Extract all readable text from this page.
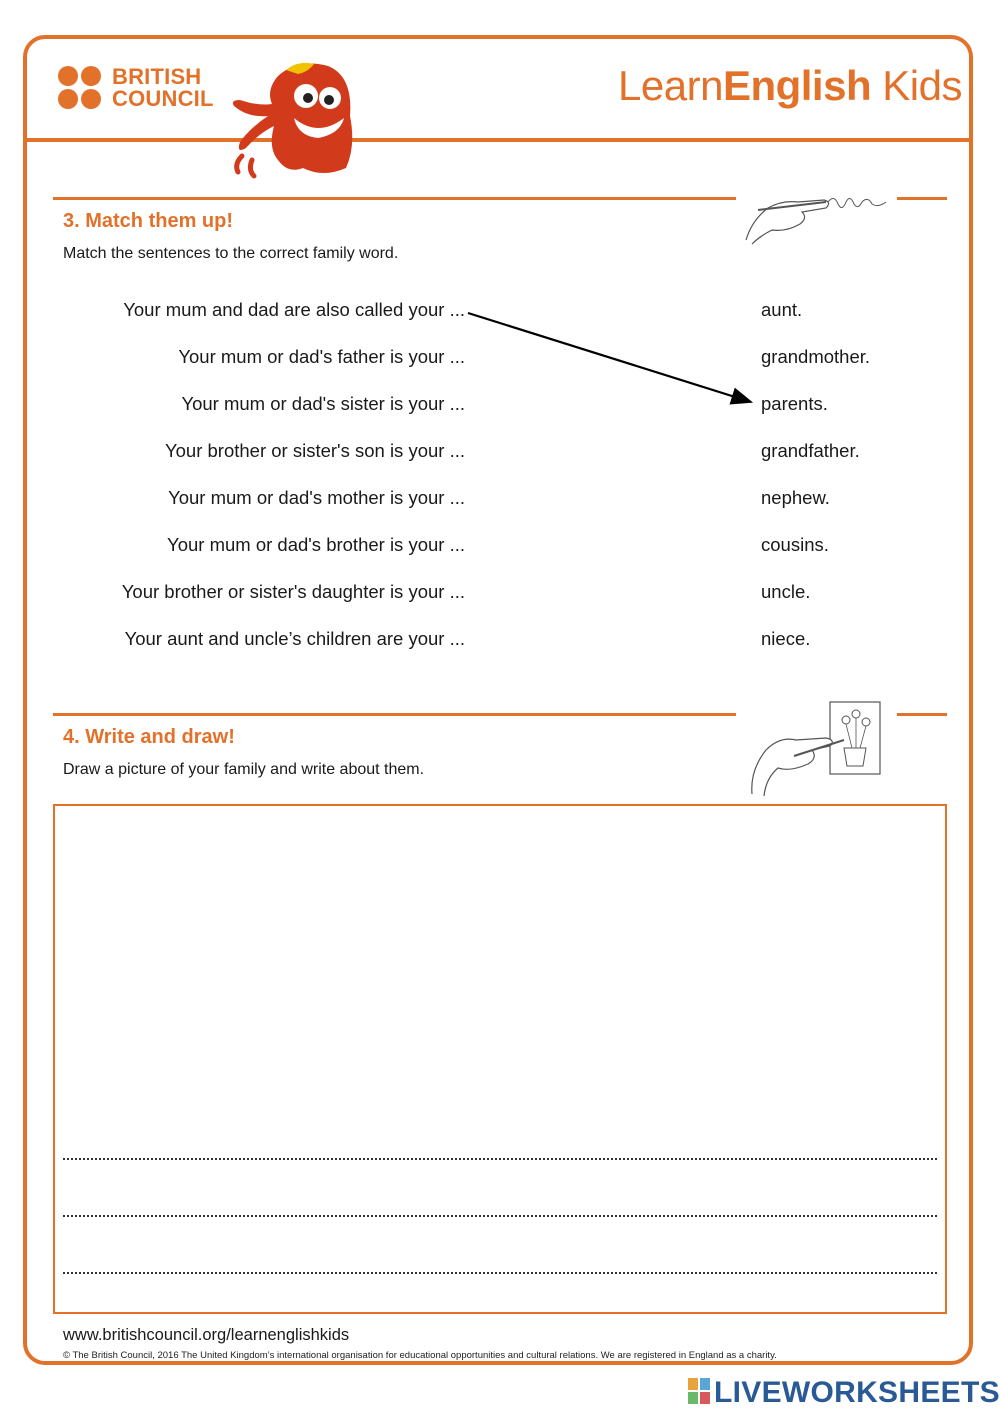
BRITISH
COUNCIL	LearnEnglish Kids
3. Match them up!
Match the sentences to the correct family word.
Your mum and dad are also called your ...
Your mum or dad's father is your ...
Your mum or dad's sister is your ...
Your brother or sister's son is your ...
Your mum or dad's mother is your ...
Your mum or dad's brother is your ...
Your brother or sister's daughter is your ...
Your aunt and uncle’s children are your ...
aunt.
grandmother.
parents.
grandfather.
nephew.
cousins.
uncle.
niece.
4. Write and draw!
Draw a picture of your family and write about them.
www.britishcouncil.org/learnenglishkids
© The British Council, 2016 The United Kingdom’s international organisation for educational opportunities and cultural relations. We are registered in England as a charity.
LIVEWORKSHEETS
